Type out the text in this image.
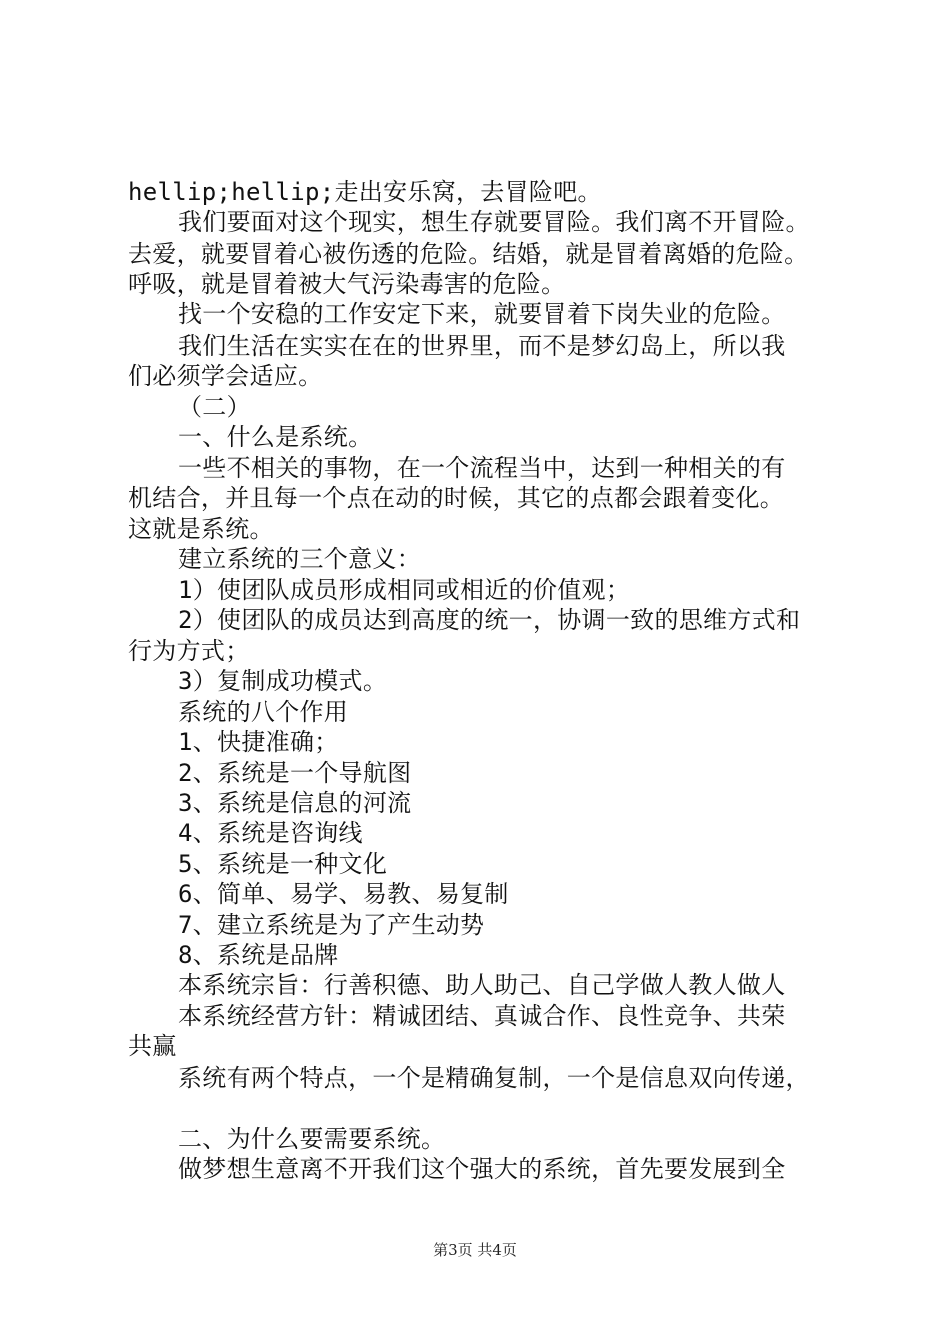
hellip;hellip;走出安乐窝，去冒险吧。
我们要面对这个现实，想生存就要冒险。我们离不开冒险。
去爱，就要冒着心被伤透的危险。结婚，就是冒着离婚的危险。
呼吸，就是冒着被大气污染毒害的危险。
找一个安稳的工作安定下来，就要冒着下岗失业的危险。
我们生活在实实在在的世界里，而不是梦幻岛上，所以我
们必须学会适应。
（二）
一、什么是系统。
一些不相关的事物，在一个流程当中，达到一种相关的有
机结合，并且每一个点在动的时候，其它的点都会跟着变化。
这就是系统。
建立系统的三个意义：
1）使团队成员形成相同或相近的价值观；
2）使团队的成员达到高度的统一，协调一致的思维方式和
行为方式；
3）复制成功模式。
系统的八个作用
1、快捷准确；
2、系统是一个导航图
3、系统是信息的河流
4、系统是咨询线
5、系统是一种文化
6、简单、易学、易教、易复制
7、建立系统是为了产生动势
8、系统是品牌
本系统宗旨：行善积德、助人助己、自己学做人教人做人
本系统经营方针：精诚团结、真诚合作、良性竞争、共荣
共赢
系统有两个特点，一个是精确复制，一个是信息双向传递，
二、为什么要需要系统。
做梦想生意离不开我们这个强大的系统，首先要发展到全
第3页 共4页
